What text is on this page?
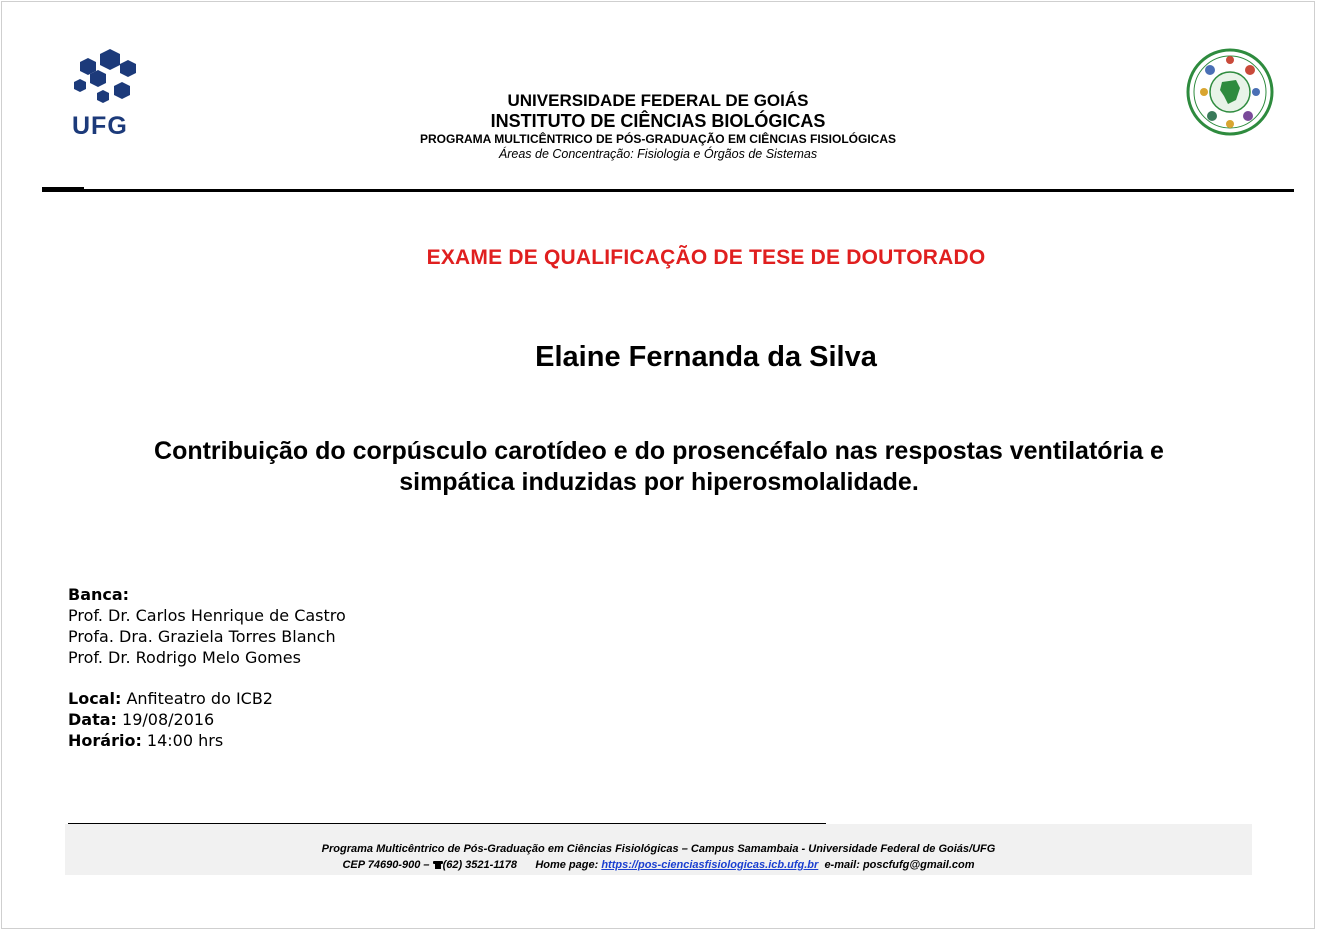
UFG
UNIVERSIDADE FEDERAL DE GOIÁS
INSTITUTO DE CIÊNCIAS BIOLÓGICAS
PROGRAMA MULTICÊNTRICO DE PÓS-GRADUAÇÃO EM CIÊNCIAS FISIOLÓGICAS
Áreas de Concentração: Fisiologia e Órgãos de Sistemas
EXAME DE QUALIFICAÇÃO DE TESE DE DOUTORADO
Elaine Fernanda da Silva
Contribuição do corpúsculo carotídeo e do prosencéfalo nas respostas ventilatória e
simpática induzidas por hiperosmolalidade.
Banca:
Prof. Dr. Carlos Henrique de Castro
Profa. Dra. Graziela Torres Blanch
Prof. Dr. Rodrigo Melo Gomes
Local: Anfiteatro do ICB2
Data: 19/08/2016
Horário: 14:00 hrs
Programa Multicêntrico de Pós-Graduação em Ciências Fisiológicas – Campus Samambaia - Universidade Federal de Goiás/UFG
CEP 74690-900 – (62) 3521-1178 Home page: https://pos-cienciasfisiologicas.icb.ufg.br e-mail: poscfufg@gmail.com
